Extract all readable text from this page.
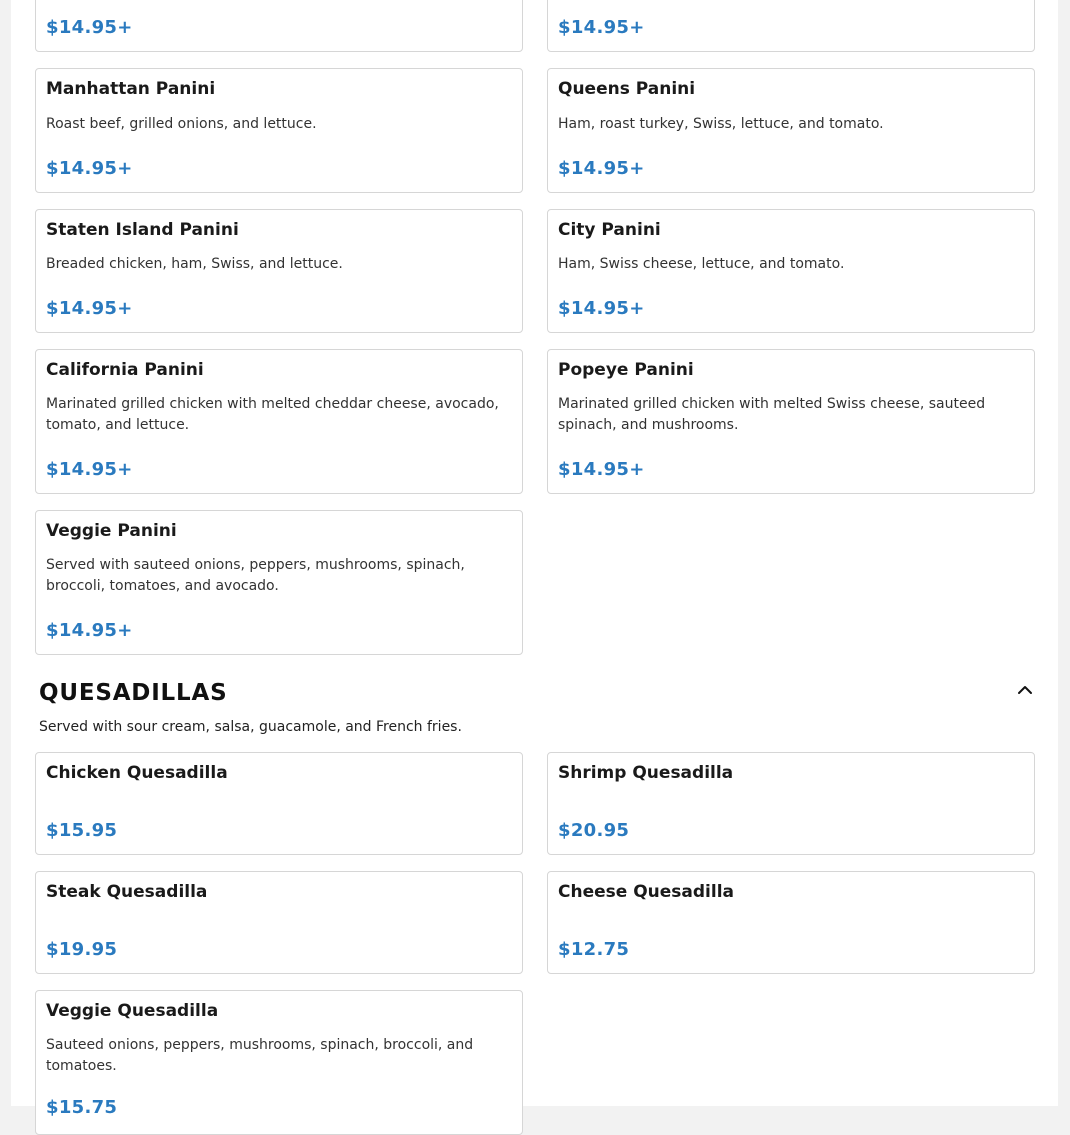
$14.95+	$14.95+
Manhattan Panini
Roast beef, grilled onions, and lettuce.
$14.95+
Queens Panini
Ham, roast turkey, Swiss, lettuce, and tomato.
$14.95+
Staten Island Panini
Breaded chicken, ham, Swiss, and lettuce.
$14.95+
City Panini
Ham, Swiss cheese, lettuce, and tomato.
$14.95+
California Panini
Marinated grilled chicken with melted cheddar cheese, avocado, tomato, and lettuce.
$14.95+
Popeye Panini
Marinated grilled chicken with melted Swiss cheese, sauteed spinach, and mushrooms.
$14.95+
Veggie Panini
Served with sauteed onions, peppers, mushrooms, spinach, broccoli, tomatoes, and avocado.
$14.95+
QUESADILLAS
Served with sour cream, salsa, guacamole, and French fries.
Chicken Quesadilla
$15.95
Shrimp Quesadilla
$20.95
Steak Quesadilla
$19.95
Cheese Quesadilla
$12.75
Veggie Quesadilla
Sauteed onions, peppers, mushrooms, spinach, broccoli, and tomatoes.
$15.75
